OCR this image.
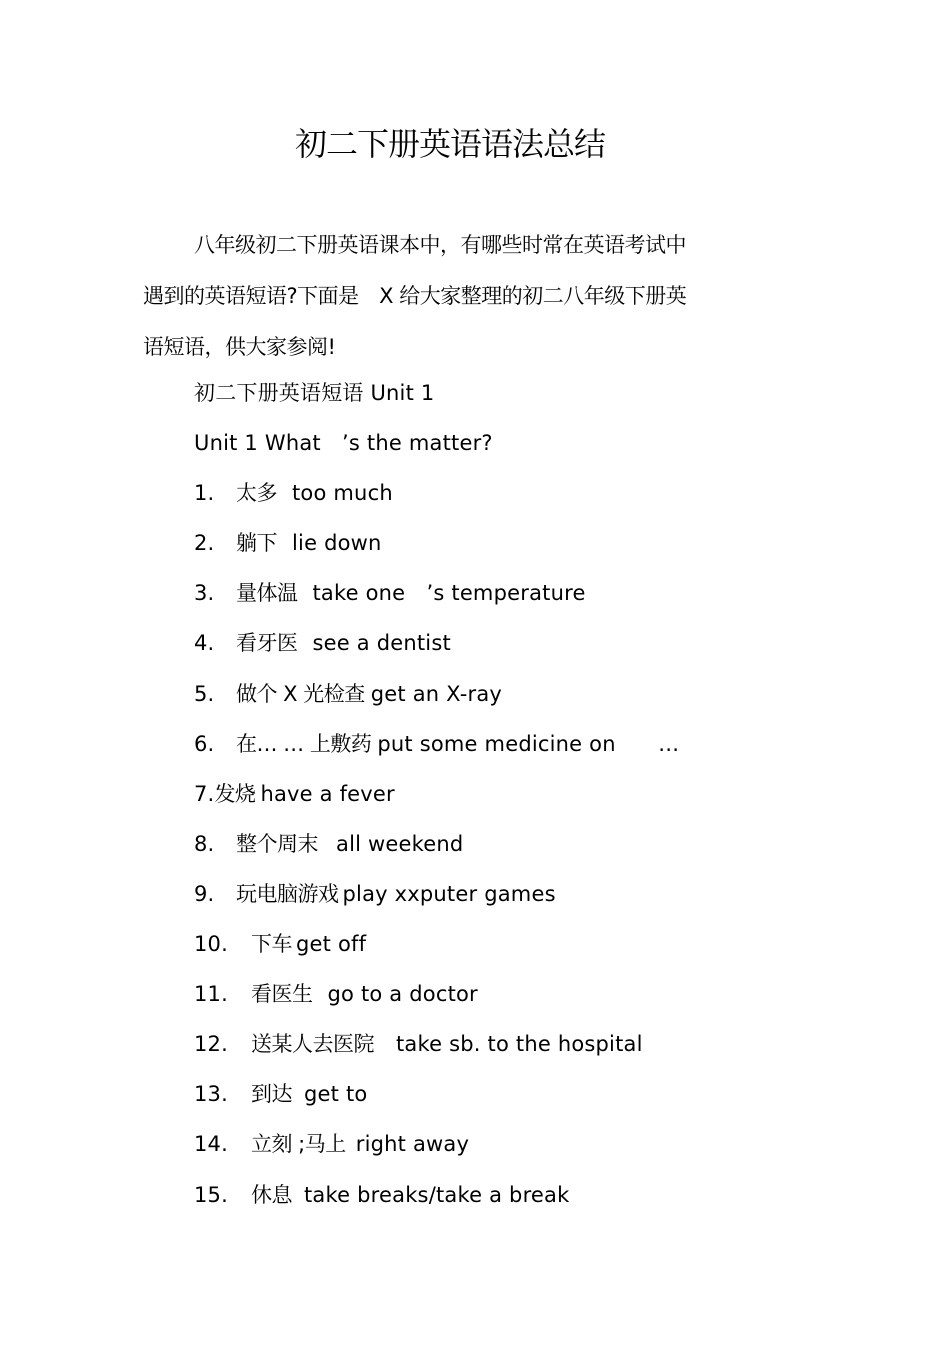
初二下册英语语法总结
八年级初二下册英语课本中，有哪些时常在英语考试中
遇到的英语短语?下面是　X 给大家整理的初二八年级下册英
语短语，供大家参阅!
初二下册英语短语 Unit 1
Unit 1 What　’s the matter?
1. 太多 too much
2. 躺下 lie down
3. 量体温 take one　’s temperature
4. 看牙医 see a dentist
5. 做个 X 光检查 get an X-ray
6. 在… … 上敷药 put some medicine on　　…
7.发烧 have a fever
8. 整个周末 all weekend
9. 玩电脑游戏 play xxputer games
10. 下车 get off
11. 看医生 go to a doctor
12. 送某人去医院 take sb. to the hospital
13. 到达 get to
14. 立刻 ;马上 right away
15. 休息 take breaks/take a break
